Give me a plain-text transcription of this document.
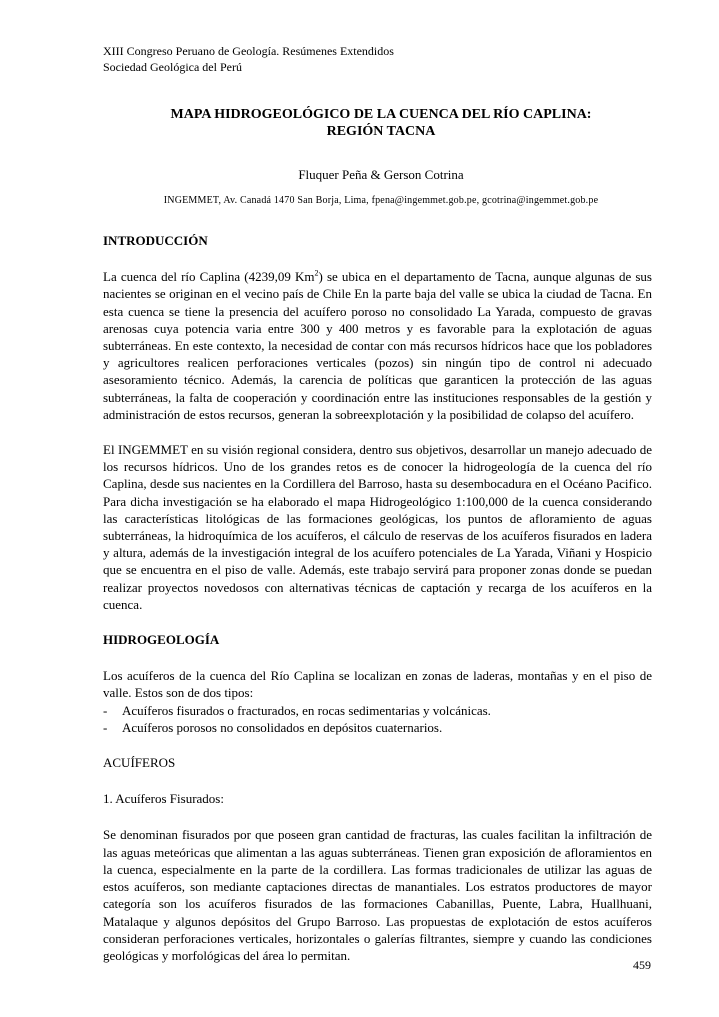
XIII Congreso Peruano de Geología. Resúmenes Extendidos
Sociedad Geológica del Perú
MAPA HIDROGEOLÓGICO DE LA CUENCA DEL RÍO CAPLINA:
REGIÓN TACNA
Fluquer Peña & Gerson Cotrina
INGEMMET, Av. Canadá 1470 San Borja, Lima, fpena@ingemmet.gob.pe, gcotrina@ingemmet.gob.pe

INTRODUCCIÓN

La cuenca del río Caplina (4239,09 Km$^2$) se ubica en el departamento de Tacna, aunque algunas de sus nacientes se originan en el vecino país de Chile En la parte baja del valle se ubica la ciudad de Tacna. En esta cuenca se tiene la presencia del acuífero poroso no consolidado La Yarada, compuesto de gravas arenosas cuya potencia varia entre 300 y 400 metros y es favorable para la explotación de aguas subterráneas. En este contexto, la necesidad de contar con más recursos hídricos hace que los pobladores y agricultores realicen perforaciones verticales (pozos) sin ningún tipo de control ni adecuado asesoramiento técnico. Además, la carencia de políticas que garanticen la protección de las aguas subterráneas, la falta de cooperación y coordinación entre las instituciones responsables de la gestión y administración de estos recursos, generan la sobreexplotación y la posibilidad de colapso del acuífero.

El INGEMMET en su visión regional considera, dentro sus objetivos, desarrollar un manejo adecuado de los recursos hídricos. Uno de los grandes retos es de conocer la hidrogeología de la cuenca del río Caplina, desde sus nacientes en la Cordillera del Barroso, hasta su desembocadura en el Océano Pacifico. Para dicha investigación se ha elaborado el mapa Hidrogeológico 1:100,000 de la cuenca considerando las características litológicas de las formaciones geológicas, los puntos de afloramiento de aguas subterráneas, la hidroquímica de los acuíferos, el cálculo de reservas de los acuíferos fisurados en ladera y altura, además de la investigación integral de los acuífero potenciales de La Yarada, Viñani y Hospicio que se encuentra en el piso de valle. Además, este trabajo servirá para proponer zonas donde se puedan realizar proyectos novedosos con alternativas técnicas de captación y recarga de los acuíferos en la cuenca.

HIDROGEOLOGÍA

Los acuíferos de la cuenca del Río Caplina se localizan en zonas de laderas, montañas y en el piso de valle. Estos son de dos tipos:

-	Acuíferos fisurados o fracturados, en rocas sedimentarias y volcánicas.
-	Acuíferos porosos no consolidados en depósitos cuaternarios.

ACUÍFEROS

1. Acuíferos Fisurados:

Se denominan fisurados por que poseen gran cantidad de fracturas, las cuales facilitan la infiltración de las aguas meteóricas que alimentan a las aguas subterráneas. Tienen gran exposición de afloramientos en la cuenca, especialmente en la parte de la cordillera. Las formas tradicionales de utilizar las aguas de estos acuíferos, son mediante captaciones directas de manantiales. Los estratos productores de mayor categoría son los acuíferos fisurados de las formaciones Cabanillas, Puente, Labra, Huallhuani, Matalaque y algunos depósitos del Grupo Barroso. Las propuestas de explotación de estos acuíferos consideran perforaciones verticales, horizontales o galerías filtrantes, siempre y cuando las condiciones geológicas y morfológicas del área lo permitan.

459
